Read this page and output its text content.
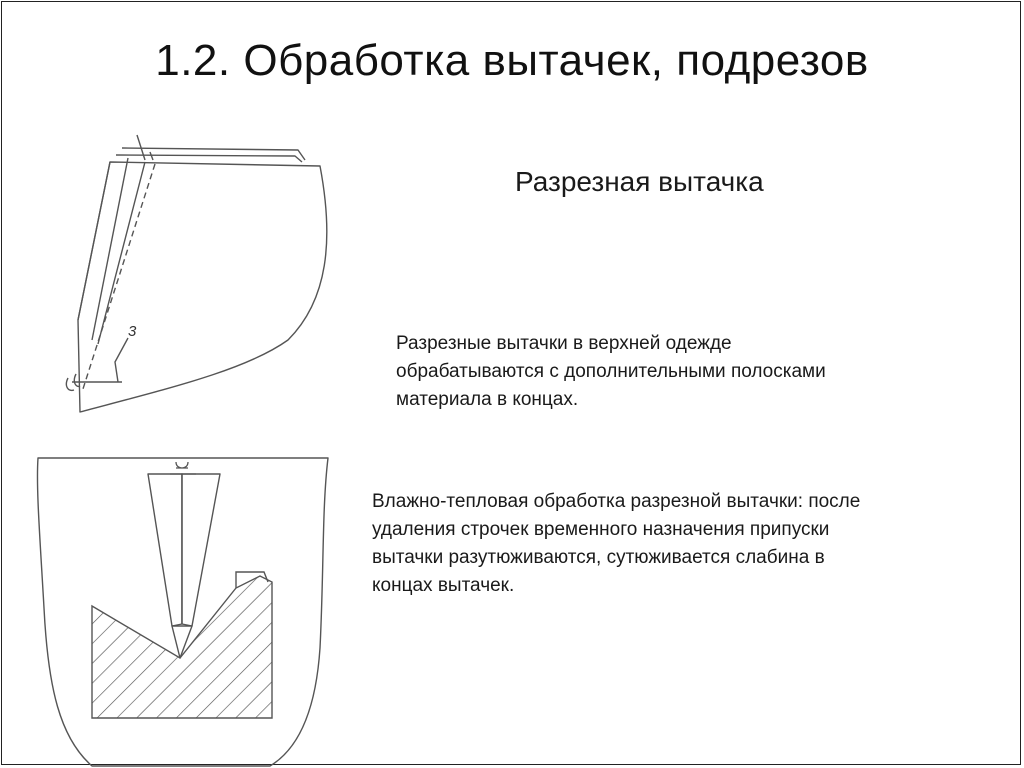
1.2. Обработка вытачек, подрезов
3

Разрезная вытачка

Разрезные вытачки в верхней одежде обрабатываются с дополнительными полосками материала в концах.

Влажно-тепловая обработка разрезной вытачки: после удаления строчек временного назначения припуски вытачки разутюживаются, сутюживается слабина в концах вытачек.
